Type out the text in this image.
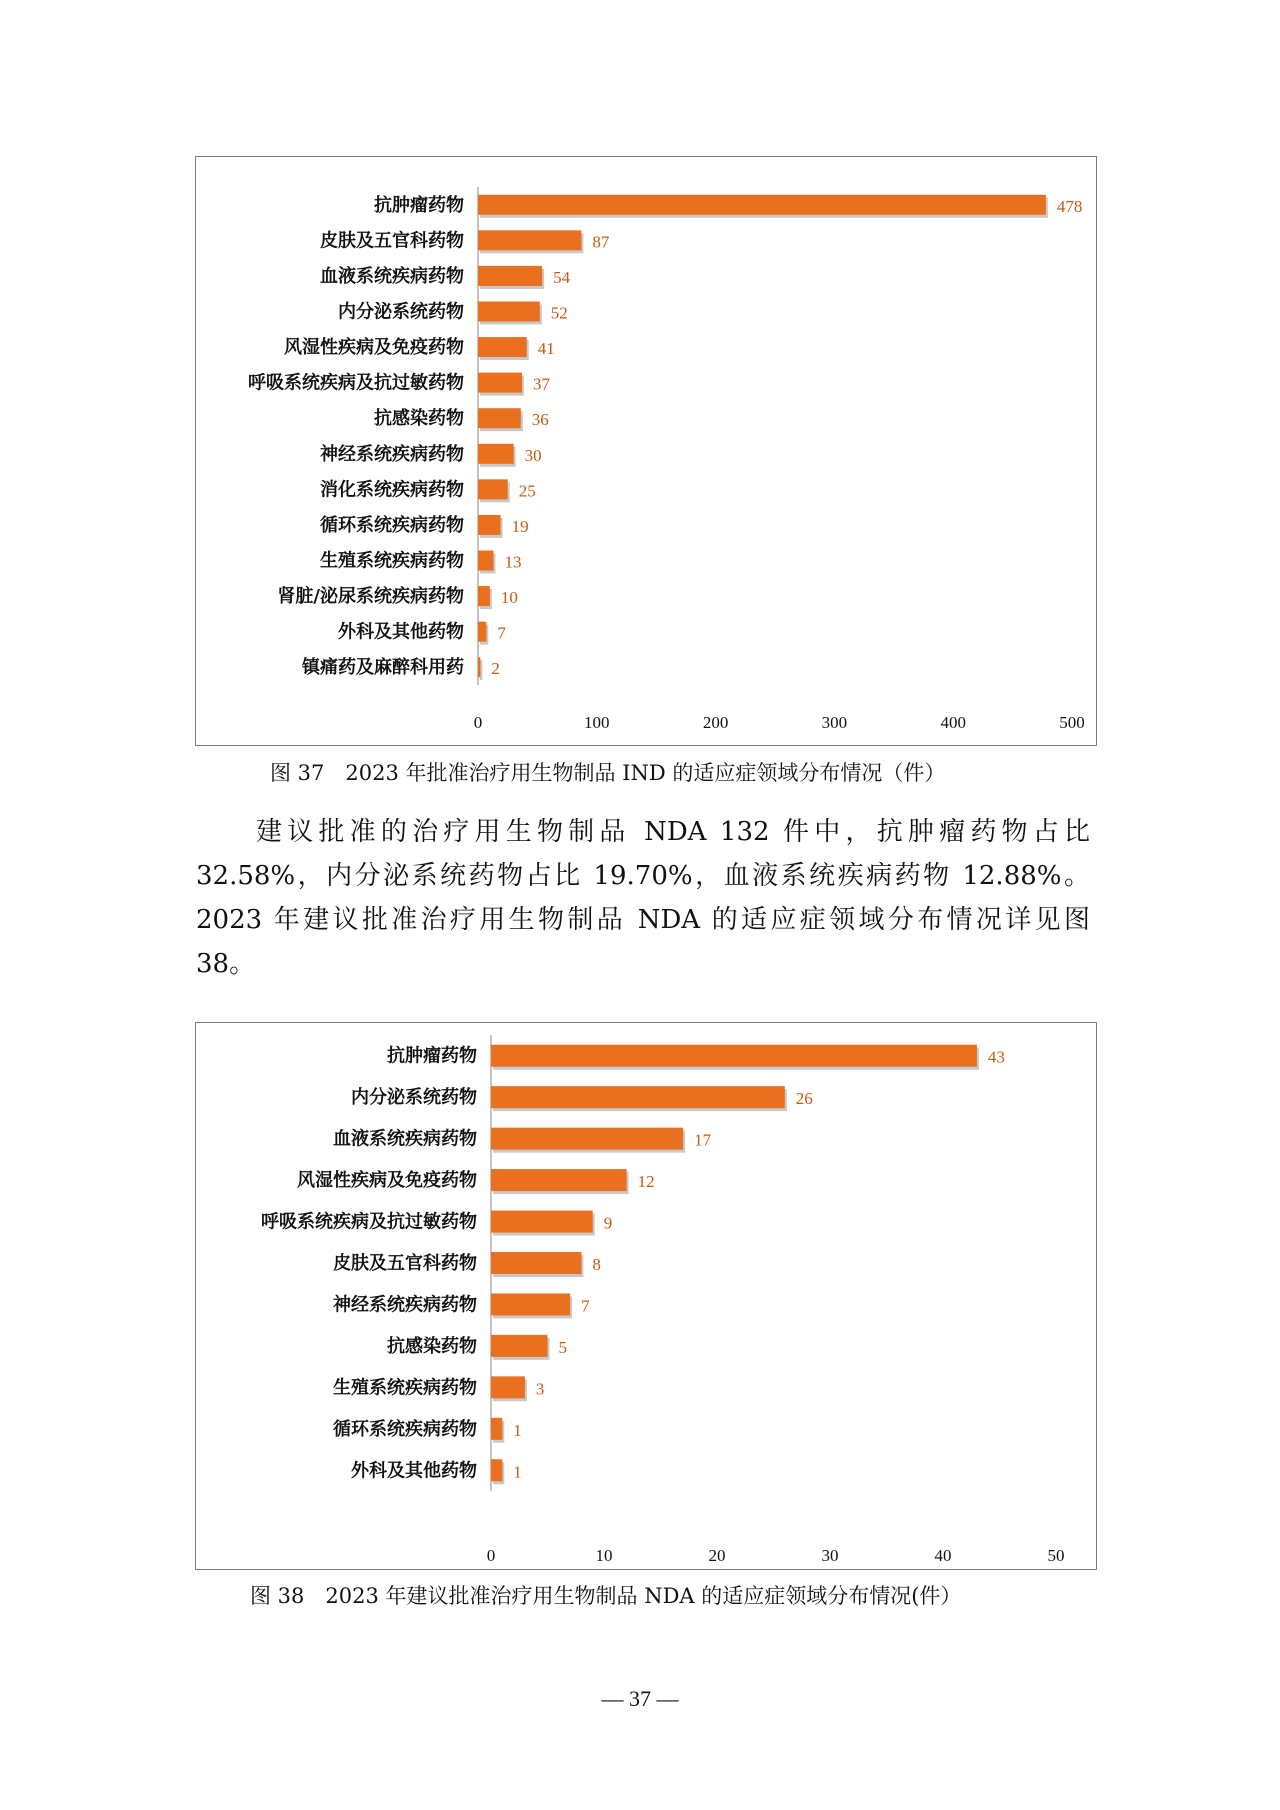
抗肿瘤药物	478
皮肤及五官科药物	87
血液系统疾病药物	54
内分泌系统药物	52
风湿性疾病及免疫药物	41
呼吸系统疾病及抗过敏药物	37
抗感染药物	36
神经系统疾病药物	30
消化系统疾病药物	25
循环系统疾病药物	19
生殖系统疾病药物 13
肾脏/泌尿系统疾病药物 10
外科及其他药物 7
镇痛药及麻醉科用药 2
0	100	200	300	400	500
图 37　2023 年批准治疗用生物制品 IND 的适应症领域分布情况（件）
建议批准的治疗用生物制品 NDA 132 件中，抗肿瘤药物占比
32.58%，内分泌系统药物占比 19.70%，血液系统疾病药物 12.88%。
2023 年建议批准治疗用生物制品 NDA 的适应症领域分布情况详见图
38。
抗肿瘤药物	43
内分泌系统药物	26
血液系统疾病药物	17
风湿性疾病及免疫药物	12
呼吸系统疾病及抗过敏药物	9
皮肤及五官科药物	8
神经系统疾病药物	7
抗感染药物	5
生殖系统疾病药物	3
循环系统疾病药物 1
外科及其他药物 1
0	10	20	30	40	50
图 38　2023 年建议批准治疗用生物制品 NDA 的适应症领域分布情况(件）
— 37 —
